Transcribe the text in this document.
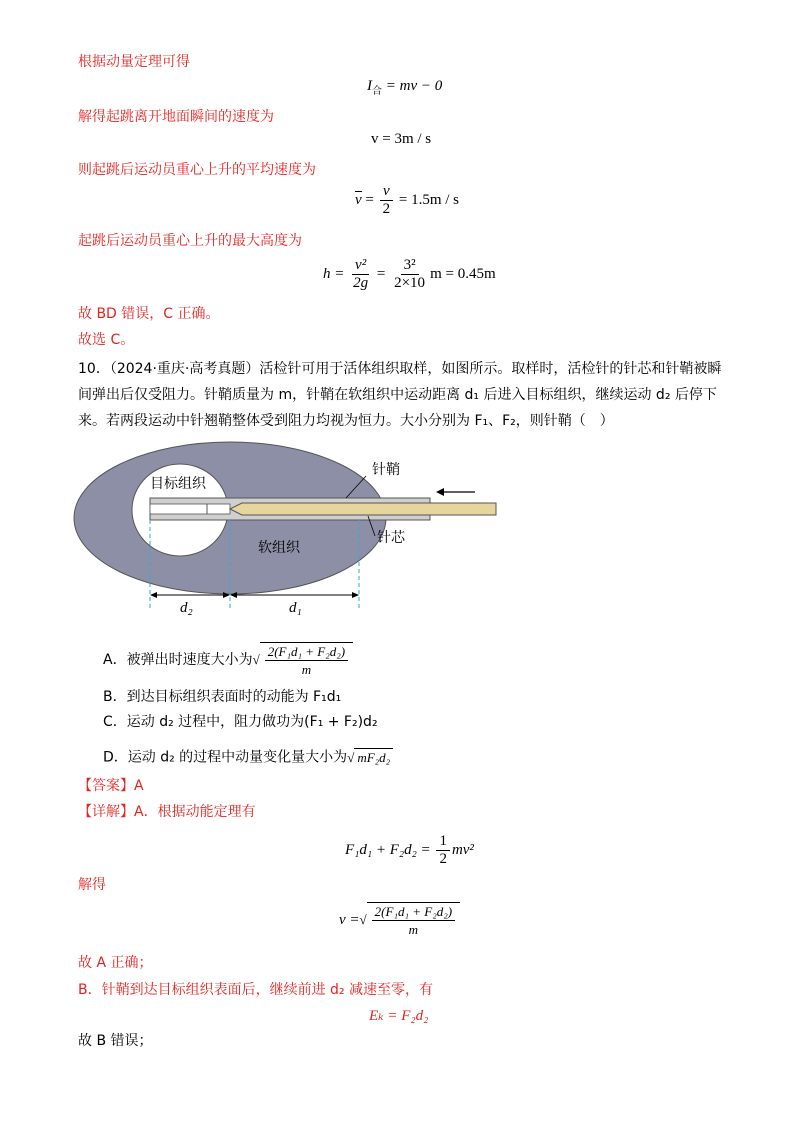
根据动量定理可得
$I_合$ = mv − 0
解得起跳离开地面瞬间的速度为
v = 3m / s
则起跳后运动员重心上升的平均速度为
$v = \frac{v}{2} = 1.5m / s$
起跳后运动员重心上升的最大高度为
$h = \frac{\text{v²}}{2g} = \frac{\text{3²}}{2\times 10}$ m = 0.45m
故 BD 错误，C 正确。
故选 C。
10．（2024·重庆·高考真题）活检针可用于活体组织取样，如图所示。取样时，活检针的针芯和针鞘被瞬
间弹出后仅受阻力。针鞘质量为 m，针鞘在软组织中运动距离 d₁ 后进入目标组织，继续运动 d₂ 后停下
来。若两段运动中针翘鞘整体受到阻力均视为恒力。大小分别为 F₁、F₂，则针鞘（　）
目标组织
针鞘
针芯
软组织
d₂	d₁
A．被弹出时速度大小为 √ $\frac{\text{2(F₁d₁ + F₂d₂)}}{m}$
B．到达目标组织表面时的动能为 F₁d₁
C．运动 d₂ 过程中，阻力做功为(F₁ + F₂)d₂
D．运动 d₂ 的过程中动量变化量大小为√ mF₂d₂
【答案】A
【详解】A．根据动能定理有
$F_1d_1 + F_2d_2 = \frac{1}{2} mv^2$
解得
v = √ $\frac{\text{2(F₁d₁ + F₂d₂)}}{m}$
故 A 正确；
B．针鞘到达目标组织表面后，继续前进 d₂ 减速至零，有
Eₖ = F₂d₂
故 B 错误；
